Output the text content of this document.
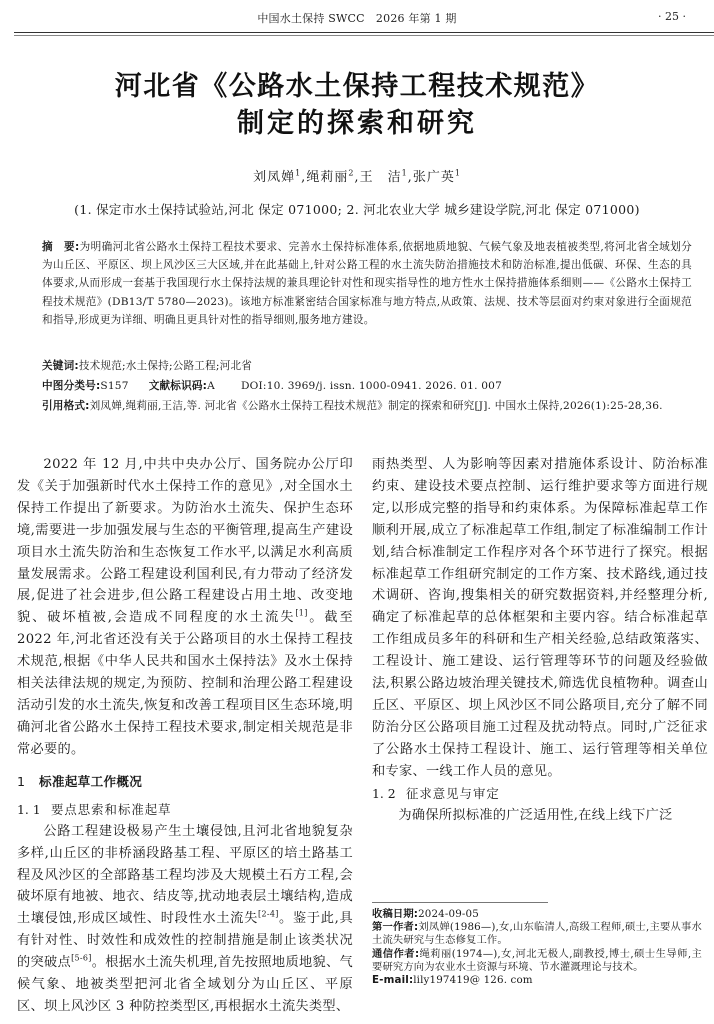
中国水土保持 SWCC　2026 年第 1 期	· 25 ·
河北省《公路水土保持工程技术规范》
制定的探索和研究
刘凤婵$^1$,绳莉丽$^2$,王　洁$^1$,张广英$^1$
(1. 保定市水土保持试验站,河北 保定 071000; 2. 河北农业大学 城乡建设学院,河北 保定 071000)
摘　要:为明确河北省公路水土保持工程技术要求、完善水土保持标准体系,依据地质地貌、气候气象及地表植被类型,将河北省全域划分为山丘区、平原区、坝上风沙区三大区域,并在此基础上,针对公路工程的水土流失防治措施技术和防治标准,提出低碳、环保、生态的具体要求,从而形成一套基于我国现行水土保持法规的兼具理论针对性和现实指导性的地方性水土保持措施体系细则——《公路水土保持工程技术规范》(DB13/T 5780—2023)。该地方标准紧密结合国家标准与地方特点,从政策、法规、技术等层面对约束对象进行全面规范和指导,形成更为详细、明确且更具针对性的指导细则,服务地方建设。
关键词:技术规范;水土保持;公路工程;河北省
中图分类号:S157 文献标识码:A DOI:10. 3969/j. issn. 1000-0941. 2026. 01. 007
引用格式:刘凤婵,绳莉丽,王洁,等. 河北省《公路水土保持工程技术规范》制定的探索和研究[J]. 中国水土保持,2026(1):25-28,36.

2022 年 12 月,中共中央办公厅、国务院办公厅印发《关于加强新时代水土保持工作的意见》,对全国水土保持工作提出了新要求。为防治水土流失、保护生态环境,需要进一步加强发展与生态的平衡管理,提高生产建设项目水土流失防治和生态恢复工作水平,以满足水利高质量发展需求。公路工程建设利国利民,有力带动了经济发展,促进了社会进步,但公路工程建设占用土地、改变地貌、破坏植被,会造成不同程度的水土流失[1]。截至 2022 年,河北省还没有关于公路项目的水土保持工程技术规范,根据《中华人民共和国水土保持法》及水土保持相关法律法规的规定,为预防、控制和治理公路工程建设活动引发的水土流失,恢复和改善工程项目区生态环境,明确河北省公路水土保持工程技术要求,制定相关规范是非常必要的。

1 标准起草工作概况
1. 1 要点思索和标准起草

公路工程建设极易产生土壤侵蚀,且河北省地貌复杂多样,山丘区的非桥涵段路基工程、平原区的培土路基工程及风沙区的全部路基工程均涉及大规模土石方工程,会破坏原有地被、地衣、结皮等,扰动地表层土壤结构,造成土壤侵蚀,形成区域性、时段性水土流失[2-4]。鉴于此,具有针对性、时效性和成效性的控制措施是制止该类状况的突破点[5-6]。根据水土流失机理,首先按照地质地貌、气候气象、地被类型把河北省全域划分为山丘区、平原区、坝上风沙区 3 种防控类型区,再根据水土流失类型、

雨热类型、人为影响等因素对措施体系设计、防治标准约束、建设技术要点控制、运行维护要求等方面进行规定,以形成完整的指导和约束体系。为保障标准起草工作顺利开展,成立了标准起草工作组,制定了标准编制工作计划,结合标准制定工作程序对各个环节进行了探究。根据标准起草工作组研究制定的工作方案、技术路线,通过技术调研、咨询,搜集相关的研究数据资料,并经整理分析,确定了标准起草的总体框架和主要内容。结合标准起草工作组成员多年的科研和生产相关经验,总结政策落实、工程设计、施工建设、运行管理等环节的问题及经验做法,积累公路边坡治理关键技术,筛选优良植物种。调查山丘区、平原区、坝上风沙区不同公路项目,充分了解不同防治分区公路项目施工过程及扰动特点。同时,广泛征求了公路水土保持工程设计、施工、运行管理等相关单位和专家、一线工作人员的意见。

1. 2 征求意见与审定

为确保所拟标准的广泛适用性,在线上线下广泛

收稿日期:2024-09-05
第一作者:刘凤婵(1986—),女,山东临清人,高级工程师,硕士,主要从事水土流失研究与生态修复工作。
通信作者:绳莉丽(1974—),女,河北无极人,副教授,博士,硕士生导师,主要研究方向为农业水土资源与环境、节水灌溉理论与技术。
E-mail:lily197419@ 126. com
